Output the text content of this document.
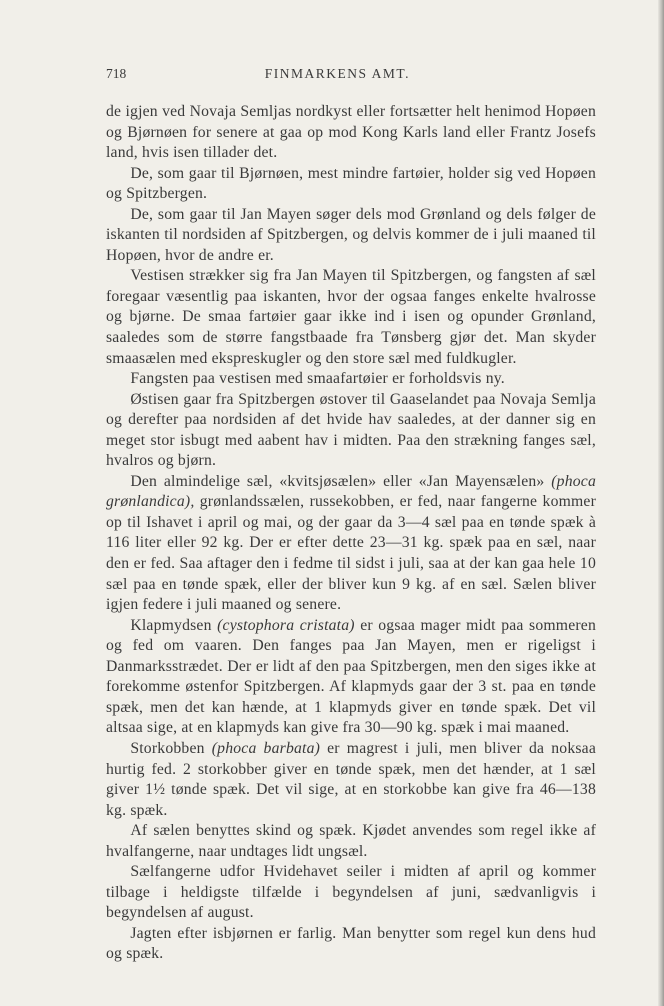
718	FINMARKENS AMT.

de igjen ved Novaja Semljas nordkyst eller fortsætter helt henimod Hopøen og Bjørnøen for senere at gaa op mod Kong Karls land eller Frantz Josefs land, hvis isen tillader det.

De, som gaar til Bjørnøen, mest mindre fartøier, holder sig ved Hopøen og Spitzbergen.

De, som gaar til Jan Mayen søger dels mod Grønland og dels følger de iskanten til nordsiden af Spitzbergen, og delvis kommer de i juli maaned til Hopøen, hvor de andre er.

Vestisen strækker sig fra Jan Mayen til Spitzbergen, og fangsten af sæl foregaar væsentlig paa iskanten, hvor der ogsaa fanges enkelte hvalrosse og bjørne. De smaa fartøier gaar ikke ind i isen og opunder Grønland, saaledes som de større fangstbaade fra Tønsberg gjør det. Man skyder smaasælen med ekspreskugler og den store sæl med fuldkugler.

Fangsten paa vestisen med smaafartøier er forholdsvis ny.

Østisen gaar fra Spitzbergen østover til Gaaselandet paa Novaja Semlja og derefter paa nordsiden af det hvide hav saaledes, at der danner sig en meget stor isbugt med aabent hav i midten. Paa den strækning fanges sæl, hvalros og bjørn.

Den almindelige sæl, «kvitsjøsælen» eller «Jan Mayensælen» (phoca grønlandica), grønlandssælen, russekobben, er fed, naar fangerne kommer op til Ishavet i april og mai, og der gaar da 3—4 sæl paa en tønde spæk à 116 liter eller 92 kg. Der er efter dette 23—31 kg. spæk paa en sæl, naar den er fed. Saa aftager den i fedme til sidst i juli, saa at der kan gaa hele 10 sæl paa en tønde spæk, eller der bliver kun 9 kg. af en sæl. Sælen bliver igjen federe i juli maaned og senere.

Klapmydsen (cystophora cristata) er ogsaa mager midt paa sommeren og fed om vaaren. Den fanges paa Jan Mayen, men er rigeligst i Danmarksstrædet. Der er lidt af den paa Spitzbergen, men den siges ikke at forekomme østenfor Spitzbergen. Af klapmyds gaar der 3 st. paa en tønde spæk, men det kan hænde, at 1 klapmyds giver en tønde spæk. Det vil altsaa sige, at en klapmyds kan give fra 30—90 kg. spæk i mai maaned.

Storkobben (phoca barbata) er magrest i juli, men bliver da noksaa hurtig fed. 2 storkobber giver en tønde spæk, men det hænder, at 1 sæl giver 1½ tønde spæk. Det vil sige, at en storkobbe kan give fra 46—138 kg. spæk.

Af sælen benyttes skind og spæk. Kjødet anvendes som regel ikke af hvalfangerne, naar undtages lidt ungsæl.

Sælfangerne udfor Hvidehavet seiler i midten af april og kommer tilbage i heldigste tilfælde i begyndelsen af juni, sædvanligvis i begyndelsen af august.

Jagten efter isbjørnen er farlig. Man benytter som regel kun dens hud og spæk.
